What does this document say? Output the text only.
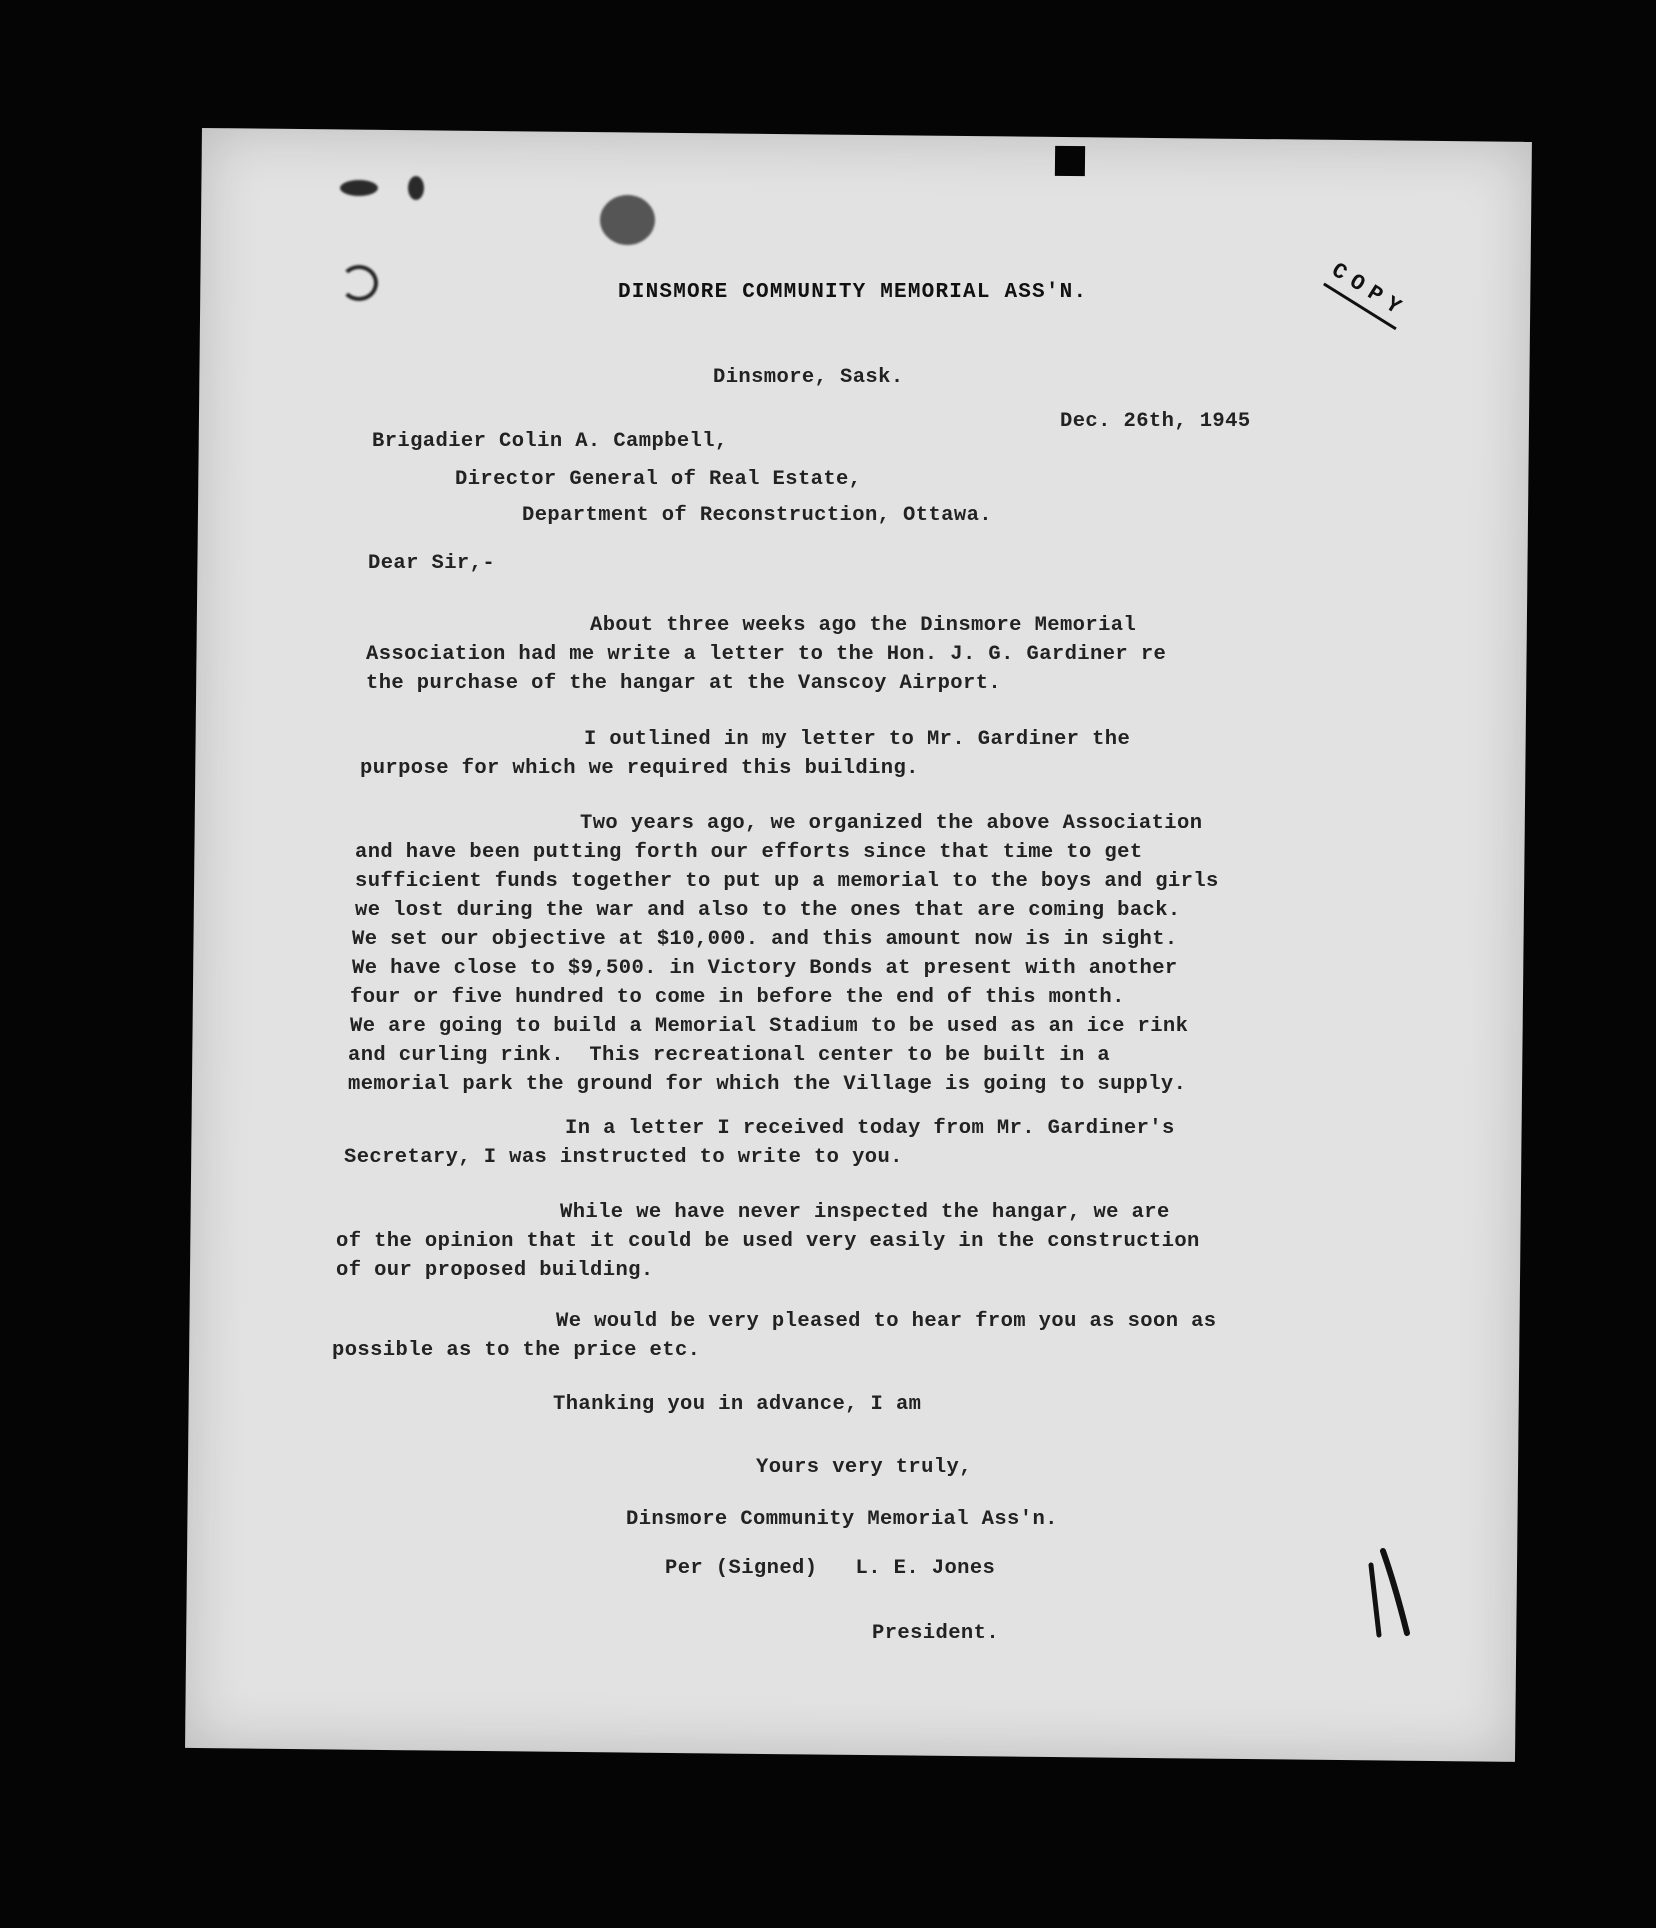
DINSMORE COMMUNITY MEMORIAL ASS'N.	COPY
Dinsmore, Sask.
Dec. 26th, 1945
Brigadier Colin A. Campbell,
Director General of Real Estate,
Department of Reconstruction, Ottawa.
Dear Sir,-
About three weeks ago the Dinsmore Memorial
Association had me write a letter to the Hon. J. G. Gardiner re
the purchase of the hangar at the Vanscoy Airport.
I outlined in my letter to Mr. Gardiner the
purpose for which we required this building.
Two years ago, we organized the above Association
and have been putting forth our efforts since that time to get
sufficient funds together to put up a memorial to the boys and girls
we lost during the war and also to the ones that are coming back.
We set our objective at $10,000. and this amount now is in sight.
We have close to $9,500. in Victory Bonds at present with another
four or five hundred to come in before the end of this month.
We are going to build a Memorial Stadium to be used as an ice rink
and curling rink.  This recreational center to be built in a
memorial park the ground for which the Village is going to supply.
In a letter I received today from Mr. Gardiner's
Secretary, I was instructed to write to you.
While we have never inspected the hangar, we are
of the opinion that it could be used very easily in the construction
of our proposed building.
We would be very pleased to hear from you as soon as
possible as to the price etc.
Thanking you in advance, I am
Yours very truly,
Dinsmore Community Memorial Ass'n.
Per (Signed)   L. E. Jones
President.
